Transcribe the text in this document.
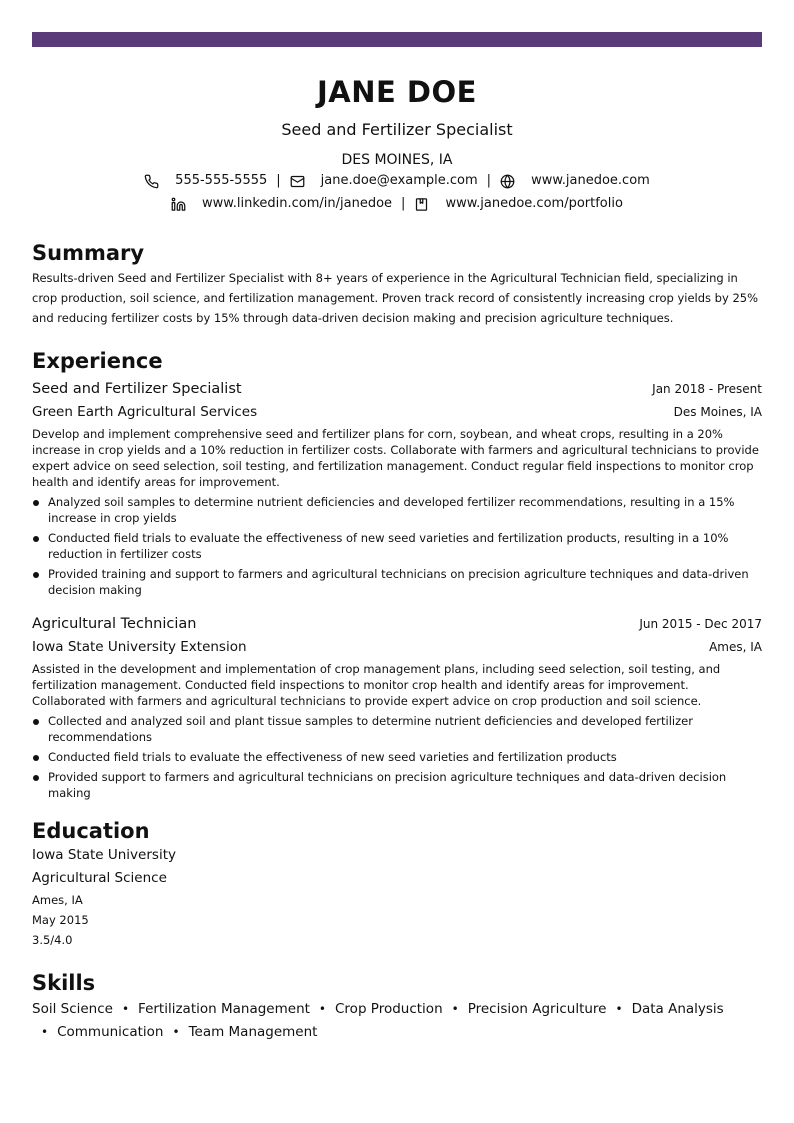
JANE DOE
Seed and Fertilizer Specialist
DES MOINES, IA
555-555-5555 |	jane.doe@example.com |	www.janedoe.com
www.linkedin.com/in/janedoe |	www.janedoe.com/portfolio
Summary
Results-driven Seed and Fertilizer Specialist with 8+ years of experience in the Agricultural Technician field, specializing in crop production, soil science, and fertilization management. Proven track record of consistently increasing crop yields by 25% and reducing fertilizer costs by 15% through data-driven decision making and precision agriculture techniques.
Experience
Seed and Fertilizer Specialist	Jan 2018 - Present
Green Earth Agricultural Services	Des Moines, IA
Develop and implement comprehensive seed and fertilizer plans for corn, soybean, and wheat crops, resulting in a 20% increase in crop yields and a 10% reduction in fertilizer costs. Collaborate with farmers and agricultural technicians to provide expert advice on seed selection, soil testing, and fertilization management. Conduct regular field inspections to monitor crop health and identify areas for improvement.
Analyzed soil samples to determine nutrient deficiencies and developed fertilizer recommendations, resulting in a 15% increase in crop yields
Conducted field trials to evaluate the effectiveness of new seed varieties and fertilization products, resulting in a 10% reduction in fertilizer costs
Provided training and support to farmers and agricultural technicians on precision agriculture techniques and data-driven decision making
Agricultural Technician	Jun 2015 - Dec 2017
Iowa State University Extension	Ames, IA
Assisted in the development and implementation of crop management plans, including seed selection, soil testing, and fertilization management. Conducted field inspections to monitor crop health and identify areas for improvement. Collaborated with farmers and agricultural technicians to provide expert advice on crop production and soil science.
Collected and analyzed soil and plant tissue samples to determine nutrient deficiencies and developed fertilizer recommendations
Conducted field trials to evaluate the effectiveness of new seed varieties and fertilization products
Provided support to farmers and agricultural technicians on precision agriculture techniques and data-driven decision making
Education
Iowa State University
Agricultural Science
Ames, IA
May 2015
3.5/4.0
Skills
Soil Science • Fertilization Management • Crop Production • Precision Agriculture • Data Analysis• Communication • Team Management
